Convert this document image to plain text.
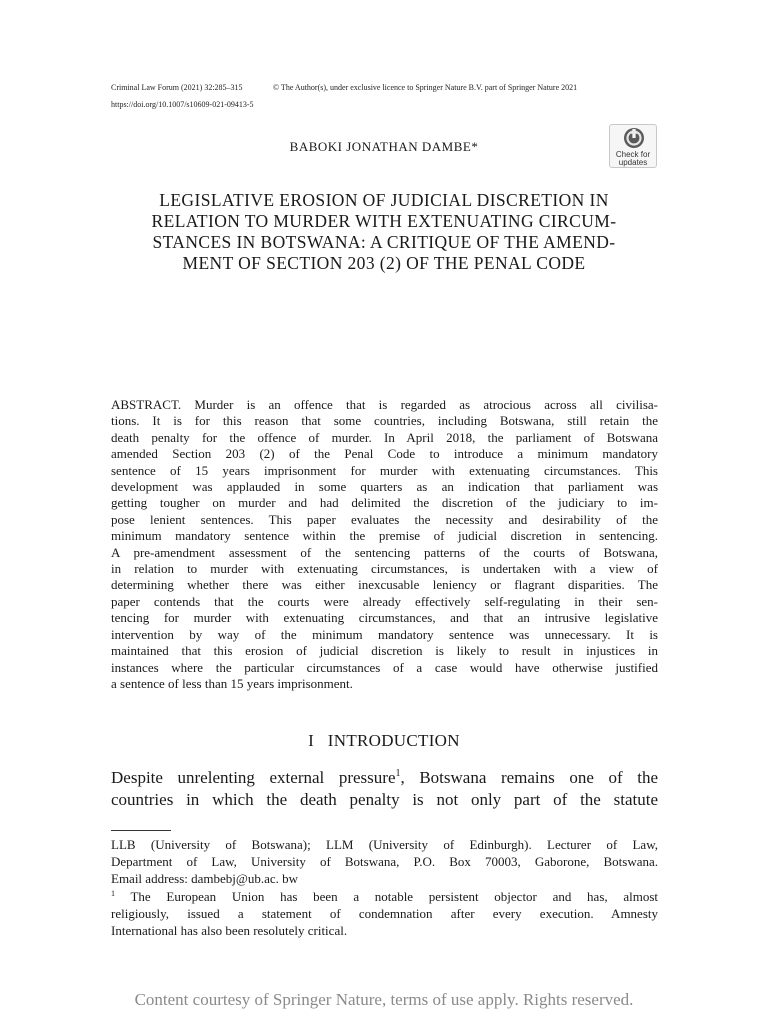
Criminal Law Forum (2021) 32:285–315	© The Author(s), under exclusive licence to Springer Nature B.V. part of Springer Nature 2021
https://doi.org/10.1007/s10609-021-09413-5
BABOKI JONATHAN DAMBE*
Check for
updates
LEGISLATIVE EROSION OF JUDICIAL DISCRETION IN
RELATION TO MURDER WITH EXTENUATING CIRCUM-
STANCES IN BOTSWANA: A CRITIQUE OF THE AMEND-
MENT OF SECTION 203 (2) OF THE PENAL CODE
ABSTRACT. Murder is an offence that is regarded as atrocious across all civilisa-
tions. It is for this reason that some countries, including Botswana, still retain the
death penalty for the offence of murder. In April 2018, the parliament of Botswana
amended Section 203 (2) of the Penal Code to introduce a minimum mandatory
sentence of 15 years imprisonment for murder with extenuating circumstances. This
development was applauded in some quarters as an indication that parliament was
getting tougher on murder and had delimited the discretion of the judiciary to im-
pose lenient sentences. This paper evaluates the necessity and desirability of the
minimum mandatory sentence within the premise of judicial discretion in sentencing.
A pre-amendment assessment of the sentencing patterns of the courts of Botswana,
in relation to murder with extenuating circumstances, is undertaken with a view of
determining whether there was either inexcusable leniency or flagrant disparities. The
paper contends that the courts were already effectively self-regulating in their sen-
tencing for murder with extenuating circumstances, and that an intrusive legislative
intervention by way of the minimum mandatory sentence was unnecessary. It is
maintained that this erosion of judicial discretion is likely to result in injustices in
instances where the particular circumstances of a case would have otherwise justified
a sentence of less than 15 years imprisonment.
I   INTRODUCTION
Despite unrelenting external pressure$^1$, Botswana remains one of the
countries in which the death penalty is not only part of the statute
LLB (University of Botswana); LLM (University of Edinburgh). Lecturer of Law,
Department of Law, University of Botswana, P.O. Box 70003, Gaborone, Botswana.
Email address: dambebj@ub.ac. bw
$^1$ The European Union has been a notable persistent objector and has, almost
religiously, issued a statement of condemnation after every execution. Amnesty
International has also been resolutely critical.
Content courtesy of Springer Nature, terms of use apply. Rights reserved.
